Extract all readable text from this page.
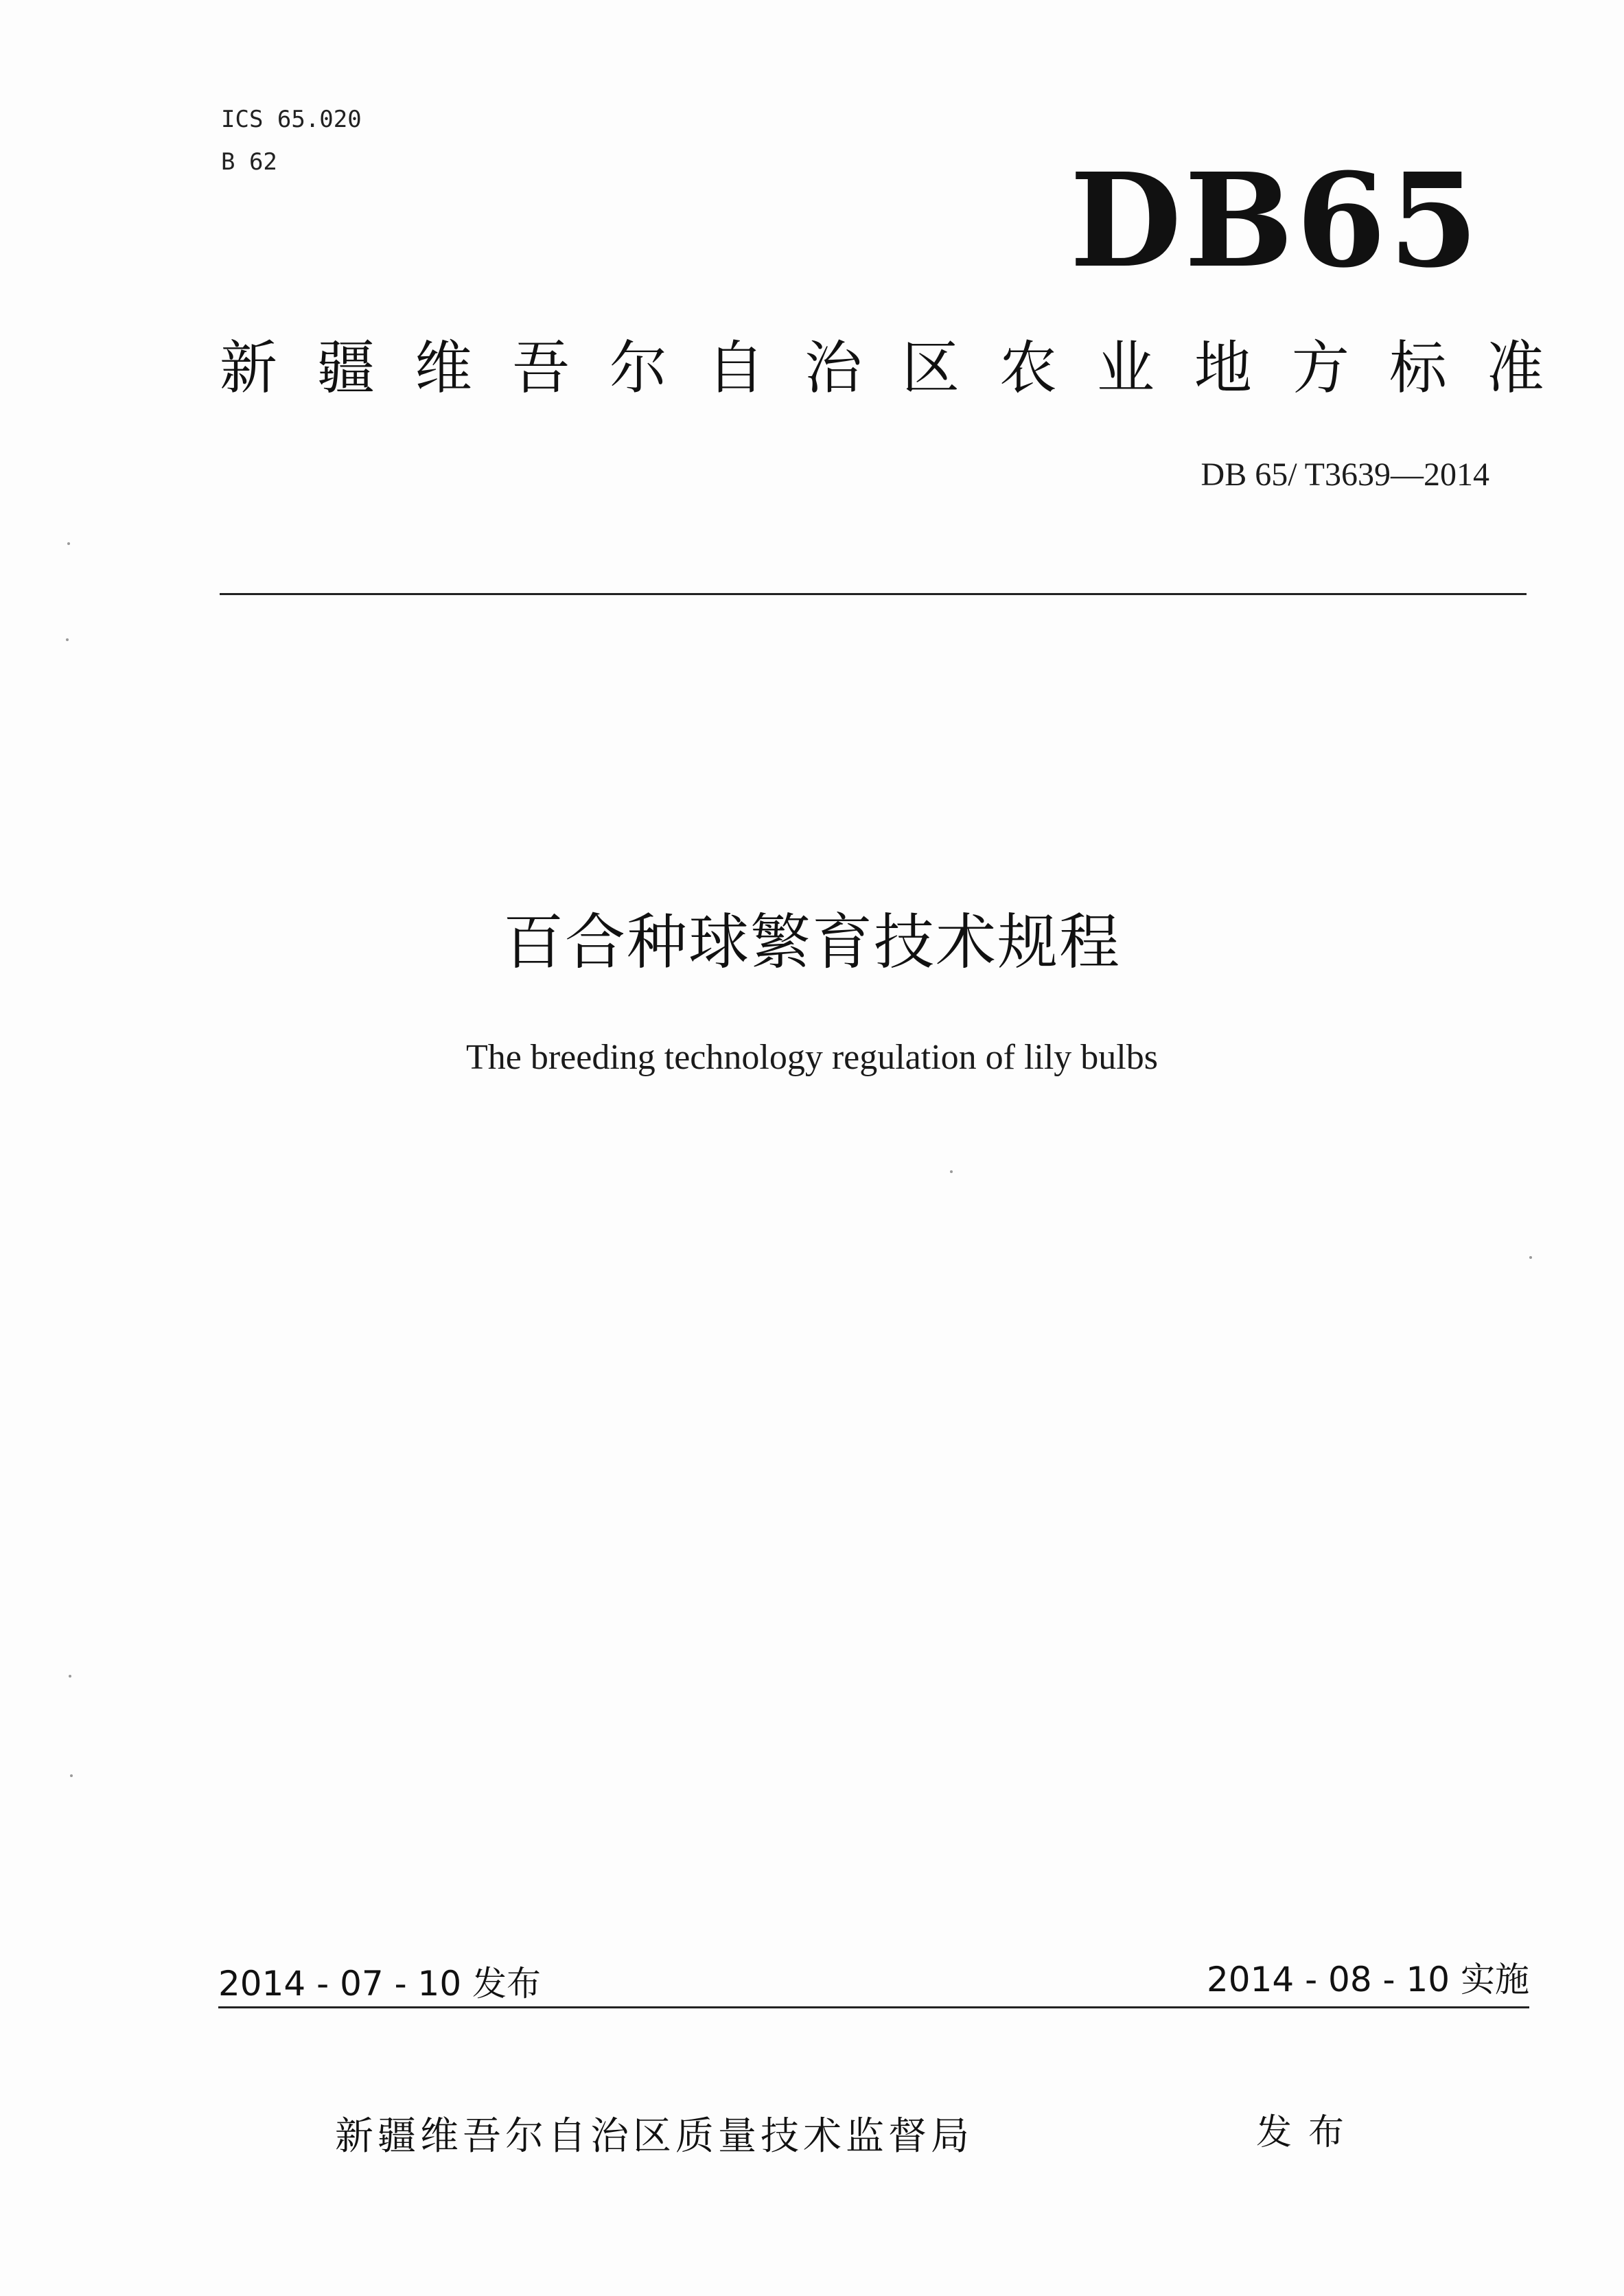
ICS 65.020
B 62	DB65
新 疆 维 吾 尔 自 治 区 农 业 地 方 标 准
DB 65/ T3639—2014
百合种球繁育技术规程
The breeding technology regulation of lily bulbs
2014 - 07 - 10 发布	2014 - 08 - 10 实施
新疆维吾尔自治区质量技术监督局	发布
